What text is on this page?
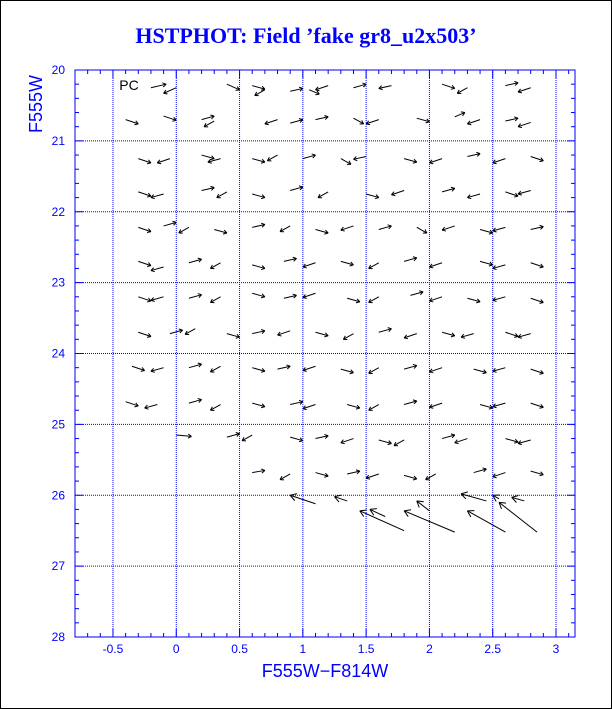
HSTPHOT: Field ’fake gr8_u2x503’
-0.5	0	0.5	1	1.5	2	2.5	3
20
21
22
23
24
25
26
27
28
F555W−F814W
F555W	PC
